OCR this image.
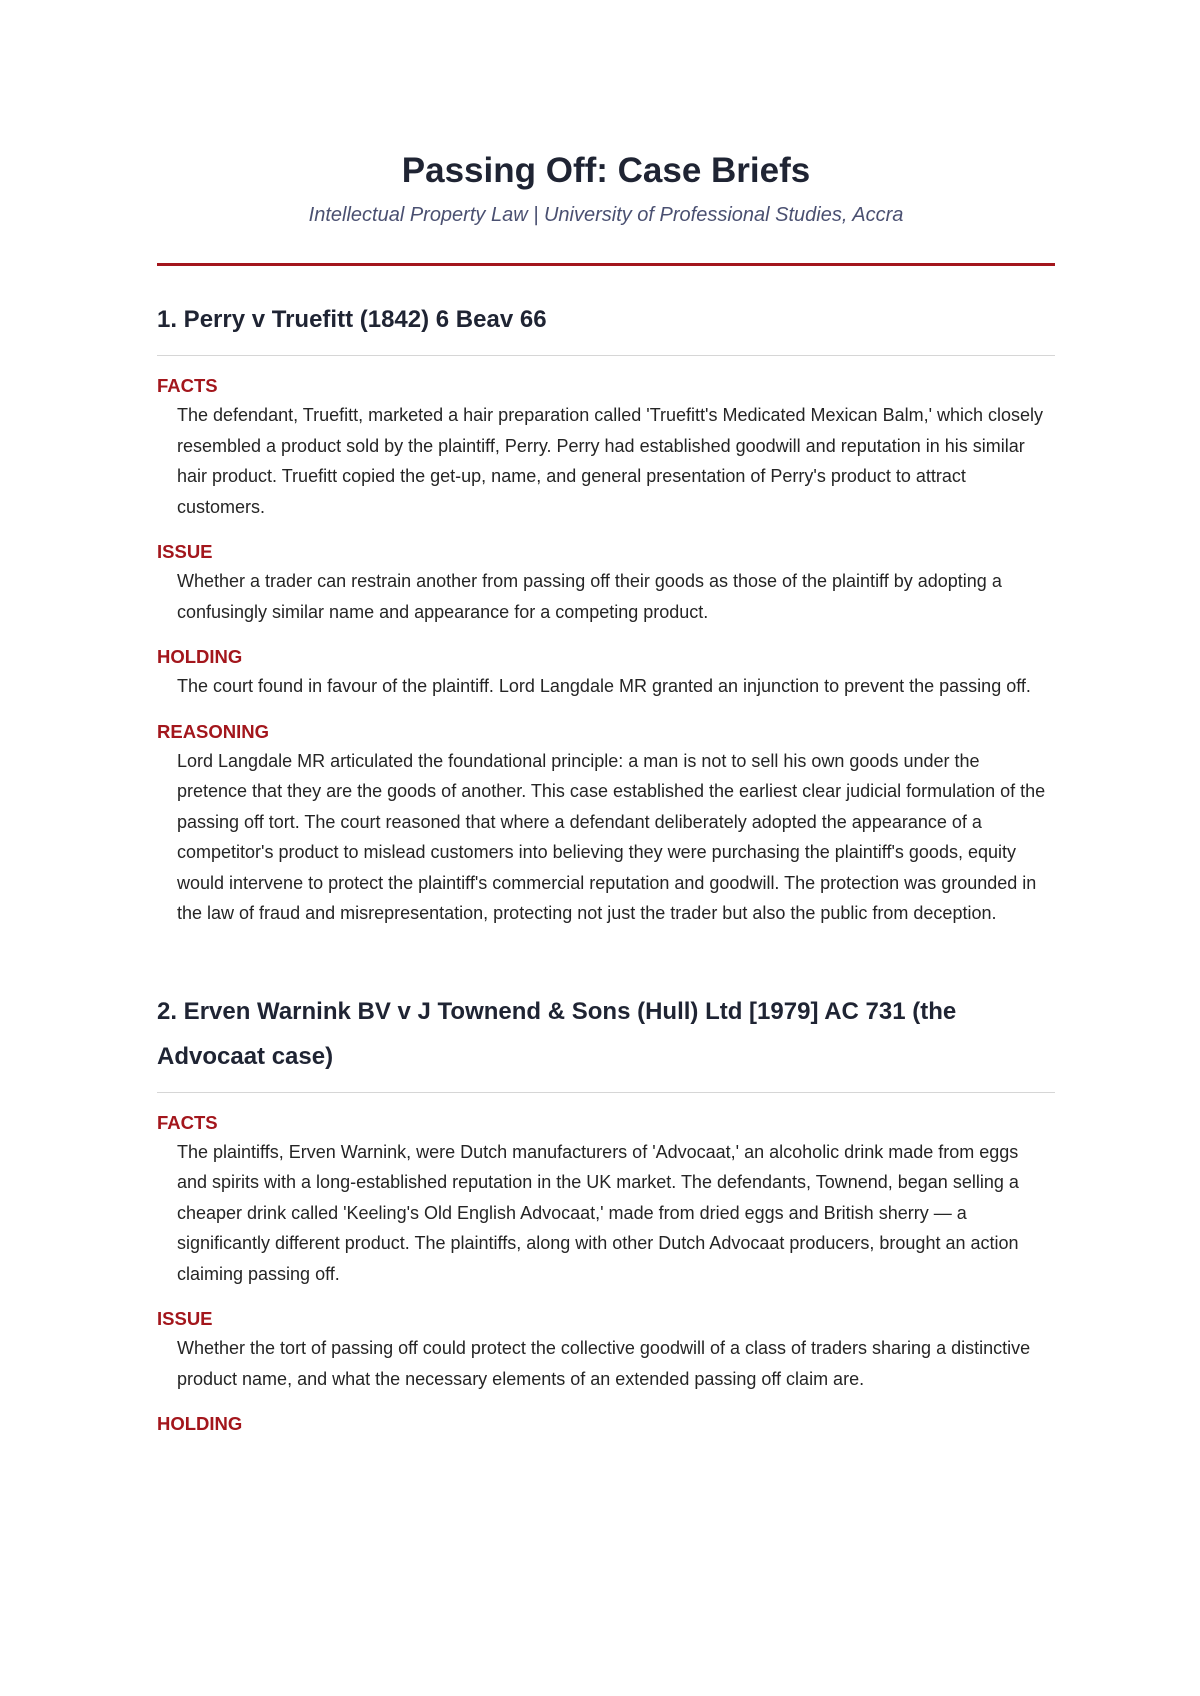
Passing Off: Case Briefs
Intellectual Property Law | University of Professional Studies, Accra
1. Perry v Truefitt (1842) 6 Beav 66
FACTS
The defendant, Truefitt, marketed a hair preparation called 'Truefitt's Medicated Mexican Balm,' which closely resembled a product sold by the plaintiff, Perry. Perry had established goodwill and reputation in his similar hair product. Truefitt copied the get-up, name, and general presentation of Perry's product to attract customers.
ISSUE
Whether a trader can restrain another from passing off their goods as those of the plaintiff by adopting a confusingly similar name and appearance for a competing product.
HOLDING
The court found in favour of the plaintiff. Lord Langdale MR granted an injunction to prevent the passing off.
REASONING
Lord Langdale MR articulated the foundational principle: a man is not to sell his own goods under the pretence that they are the goods of another. This case established the earliest clear judicial formulation of the passing off tort. The court reasoned that where a defendant deliberately adopted the appearance of a competitor's product to mislead customers into believing they were purchasing the plaintiff's goods, equity would intervene to protect the plaintiff's commercial reputation and goodwill. The protection was grounded in the law of fraud and misrepresentation, protecting not just the trader but also the public from deception.
2. Erven Warnink BV v J Townend & Sons (Hull) Ltd [1979] AC 731 (the Advocaat case)
FACTS
The plaintiffs, Erven Warnink, were Dutch manufacturers of 'Advocaat,' an alcoholic drink made from eggs and spirits with a long-established reputation in the UK market. The defendants, Townend, began selling a cheaper drink called 'Keeling's Old English Advocaat,' made from dried eggs and British sherry — a significantly different product. The plaintiffs, along with other Dutch Advocaat producers, brought an action claiming passing off.
ISSUE
Whether the tort of passing off could protect the collective goodwill of a class of traders sharing a distinctive product name, and what the necessary elements of an extended passing off claim are.
HOLDING
